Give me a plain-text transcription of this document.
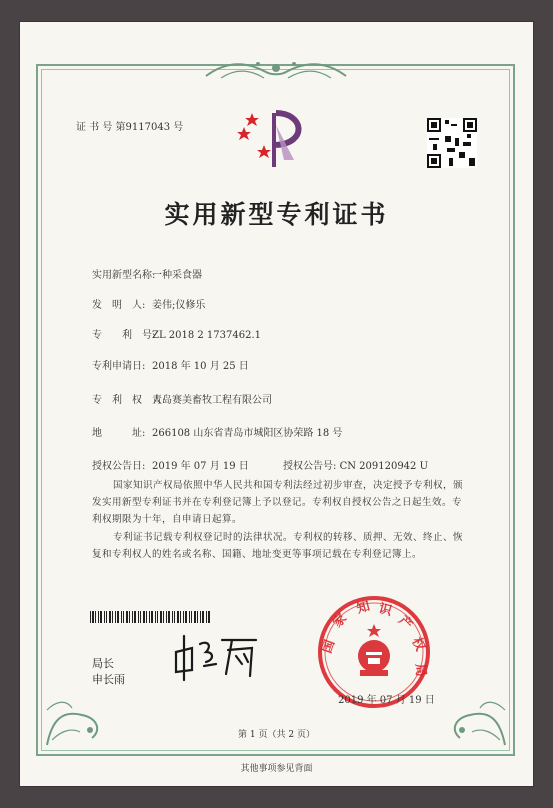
证 书 号 第9117043 号
实用新型专利证书
实用新型名称:一种采食器
发　明　人: 姜伟;仪修乐
专　　利　号:ZL 2018 2 1737462.1
专利申请日: 2018 年 10 月 25 日
专　利　权　人:青岛赛美畜牧工程有限公司
地　　　址: 266108 山东省青岛市城阳区协荣路 18 号
授权公告日: 2019 年 07 月 19 日	授权公告号: CN 209120942 U
国家知识产权局依照中华人民共和国专利法经过初步审查，决定授予专利权，颁发实用新型专利证书并在专利登记簿上予以登记。专利权自授权公告之日起生效。专利权期限为十年，自申请日起算。
专利证书记载专利权登记时的法律状况。专利权的转移、质押、无效、终止、恢复和专利权人的姓名或名称、国籍、地址变更等事项记载在专利登记簿上。
局长
申长雨
国
家
知 识
产
权
局
2019 年 07 月 19 日
第 1 页（共 2 页）
其他事项参见背面
